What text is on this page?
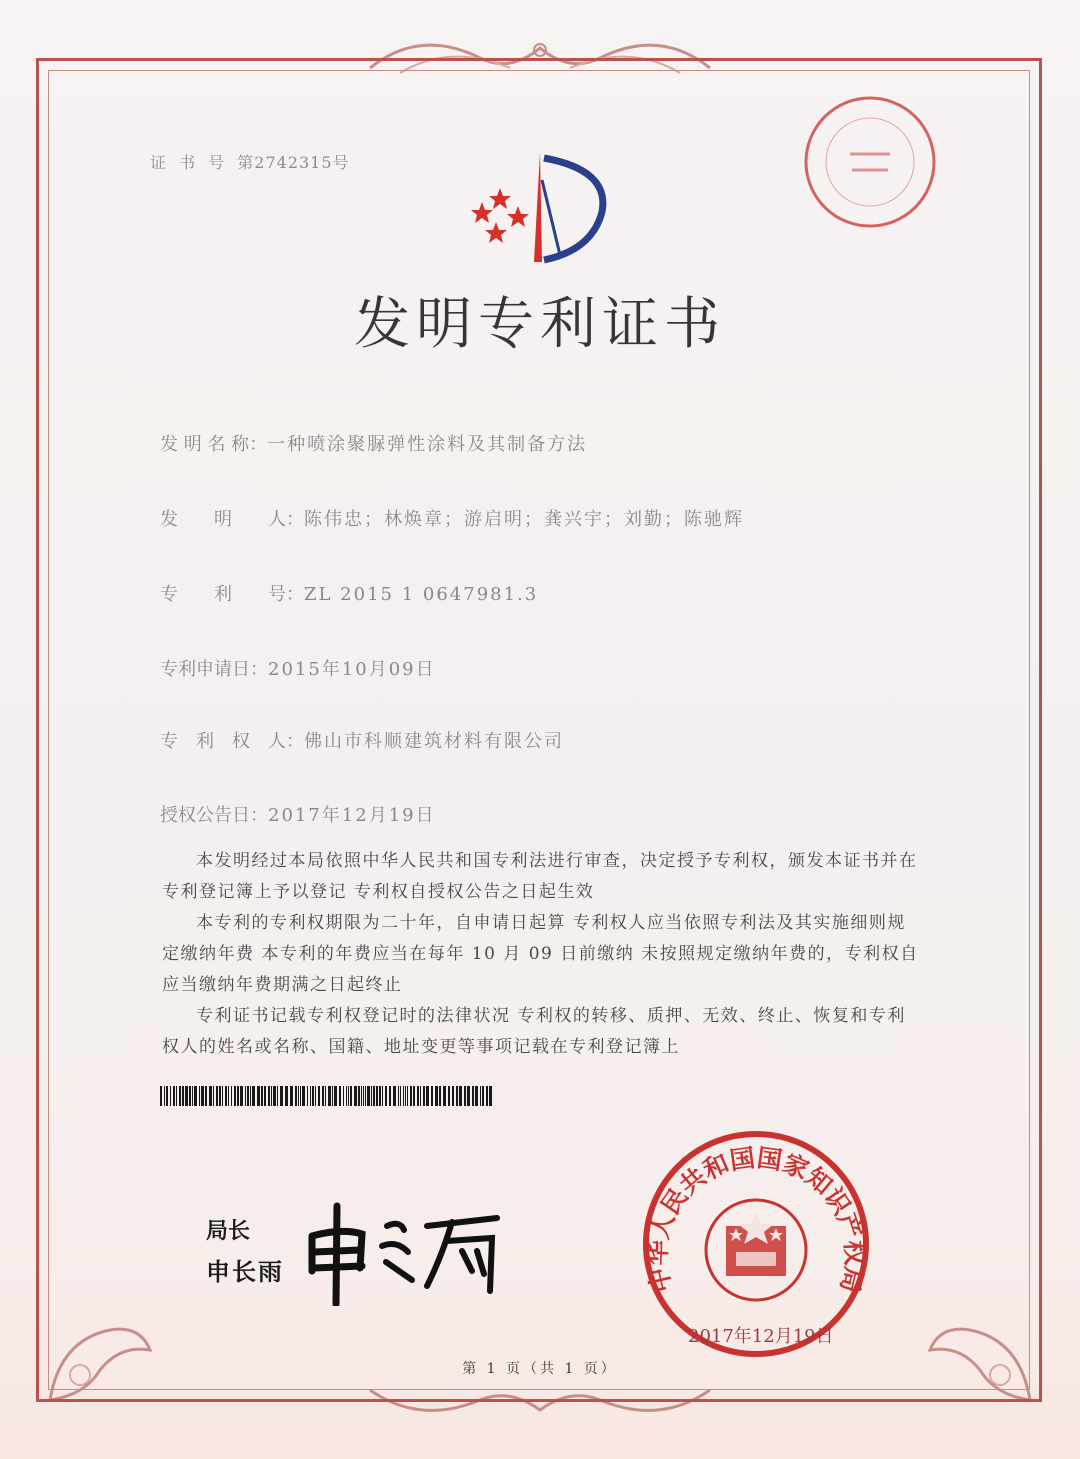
证 书 号 第2742315号
发明专利证书
发 明 名 称：一种喷涂聚脲弹性涂料及其制备方法
发　　明　　人：陈伟忠；林焕章；游启明；龚兴宇；刘勤；陈驰辉
专　　利　　号：ZL 2015 1 0647981.3
专利申请日：2015年10月09日
专　利　权　人：佛山市科顺建筑材料有限公司
授权公告日：2017年12月19日

本发明经过本局依照中华人民共和国专利法进行审查，决定授予专利权，颁发本证书并在专利登记簿上予以登记 专利权自授权公告之日起生效

本专利的专利权期限为二十年，自申请日起算 专利权人应当依照专利法及其实施细则规定缴纳年费 本专利的年费应当在每年 10 月 09 日前缴纳 未按照规定缴纳年费的，专利权自应当缴纳年费期满之日起终止

专利证书记载专利权登记时的法律状况 专利权的转移、质押、无效、终止、恢复和专利权人的姓名或名称、国籍、地址变更等事项记载在专利登记簿上

局长
申长雨	中华人民共和国国家知识产权局
2017年12月19日
第 1 页（共 1 页）
